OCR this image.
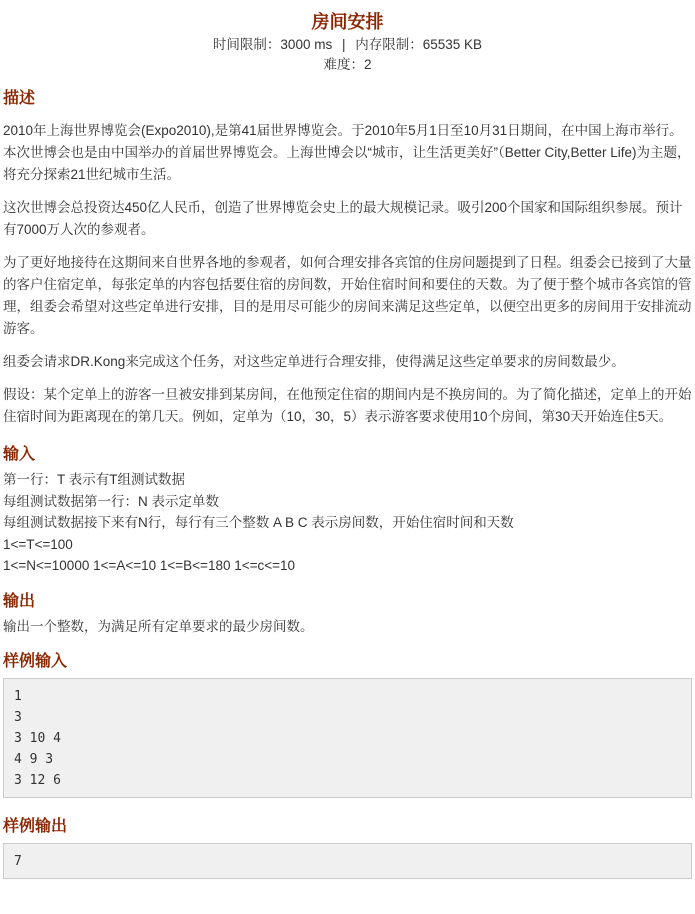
房间安排
时间限制：3000 ms | 内存限制：65535 KB
难度：2
描述

2010年上海世界博览会(Expo2010),是第41届世界博览会。于2010年5月1日至10月31日期间，在中国上海市举行。本次世博会也是由中国举办的首届世界博览会。上海世博会以“城市，让生活更美好”（Better City,Better Life)为主题，将充分探索21世纪城市生活。

这次世博会总投资达450亿人民币，创造了世界博览会史上的最大规模记录。吸引200个国家和国际组织参展。预计有7000万人次的参观者。

为了更好地接待在这期间来自世界各地的参观者，如何合理安排各宾馆的住房问题提到了日程。组委会已接到了大量的客户住宿定单，每张定单的内容包括要住宿的房间数，开始住宿时间和要住的天数。为了便于整个城市各宾馆的管理，组委会希望对这些定单进行安排，目的是用尽可能少的房间来满足这些定单，以便空出更多的房间用于安排流动游客。

组委会请求DR.Kong来完成这个任务，对这些定单进行合理安排，使得满足这些定单要求的房间数最少。

假设：某个定单上的游客一旦被安排到某房间，在他预定住宿的期间内是不换房间的。为了简化描述，定单上的开始住宿时间为距离现在的第几天。例如，定单为（10，30，5）表示游客要求使用10个房间，第30天开始连住5天。

输入
第一行：T 表示有T组测试数据
每组测试数据第一行：N 表示定单数
每组测试数据接下来有N行，每行有三个整数 A B C 表示房间数，开始住宿时间和天数
1<=T<=100
1<=N<=10000 1<=A<=10 1<=B<=180 1<=c<=10
输出
输出一个整数，为满足所有定单要求的最少房间数。
样例输入
1
3
3 10 4
4 9 3
3 12 6
样例输出
7
